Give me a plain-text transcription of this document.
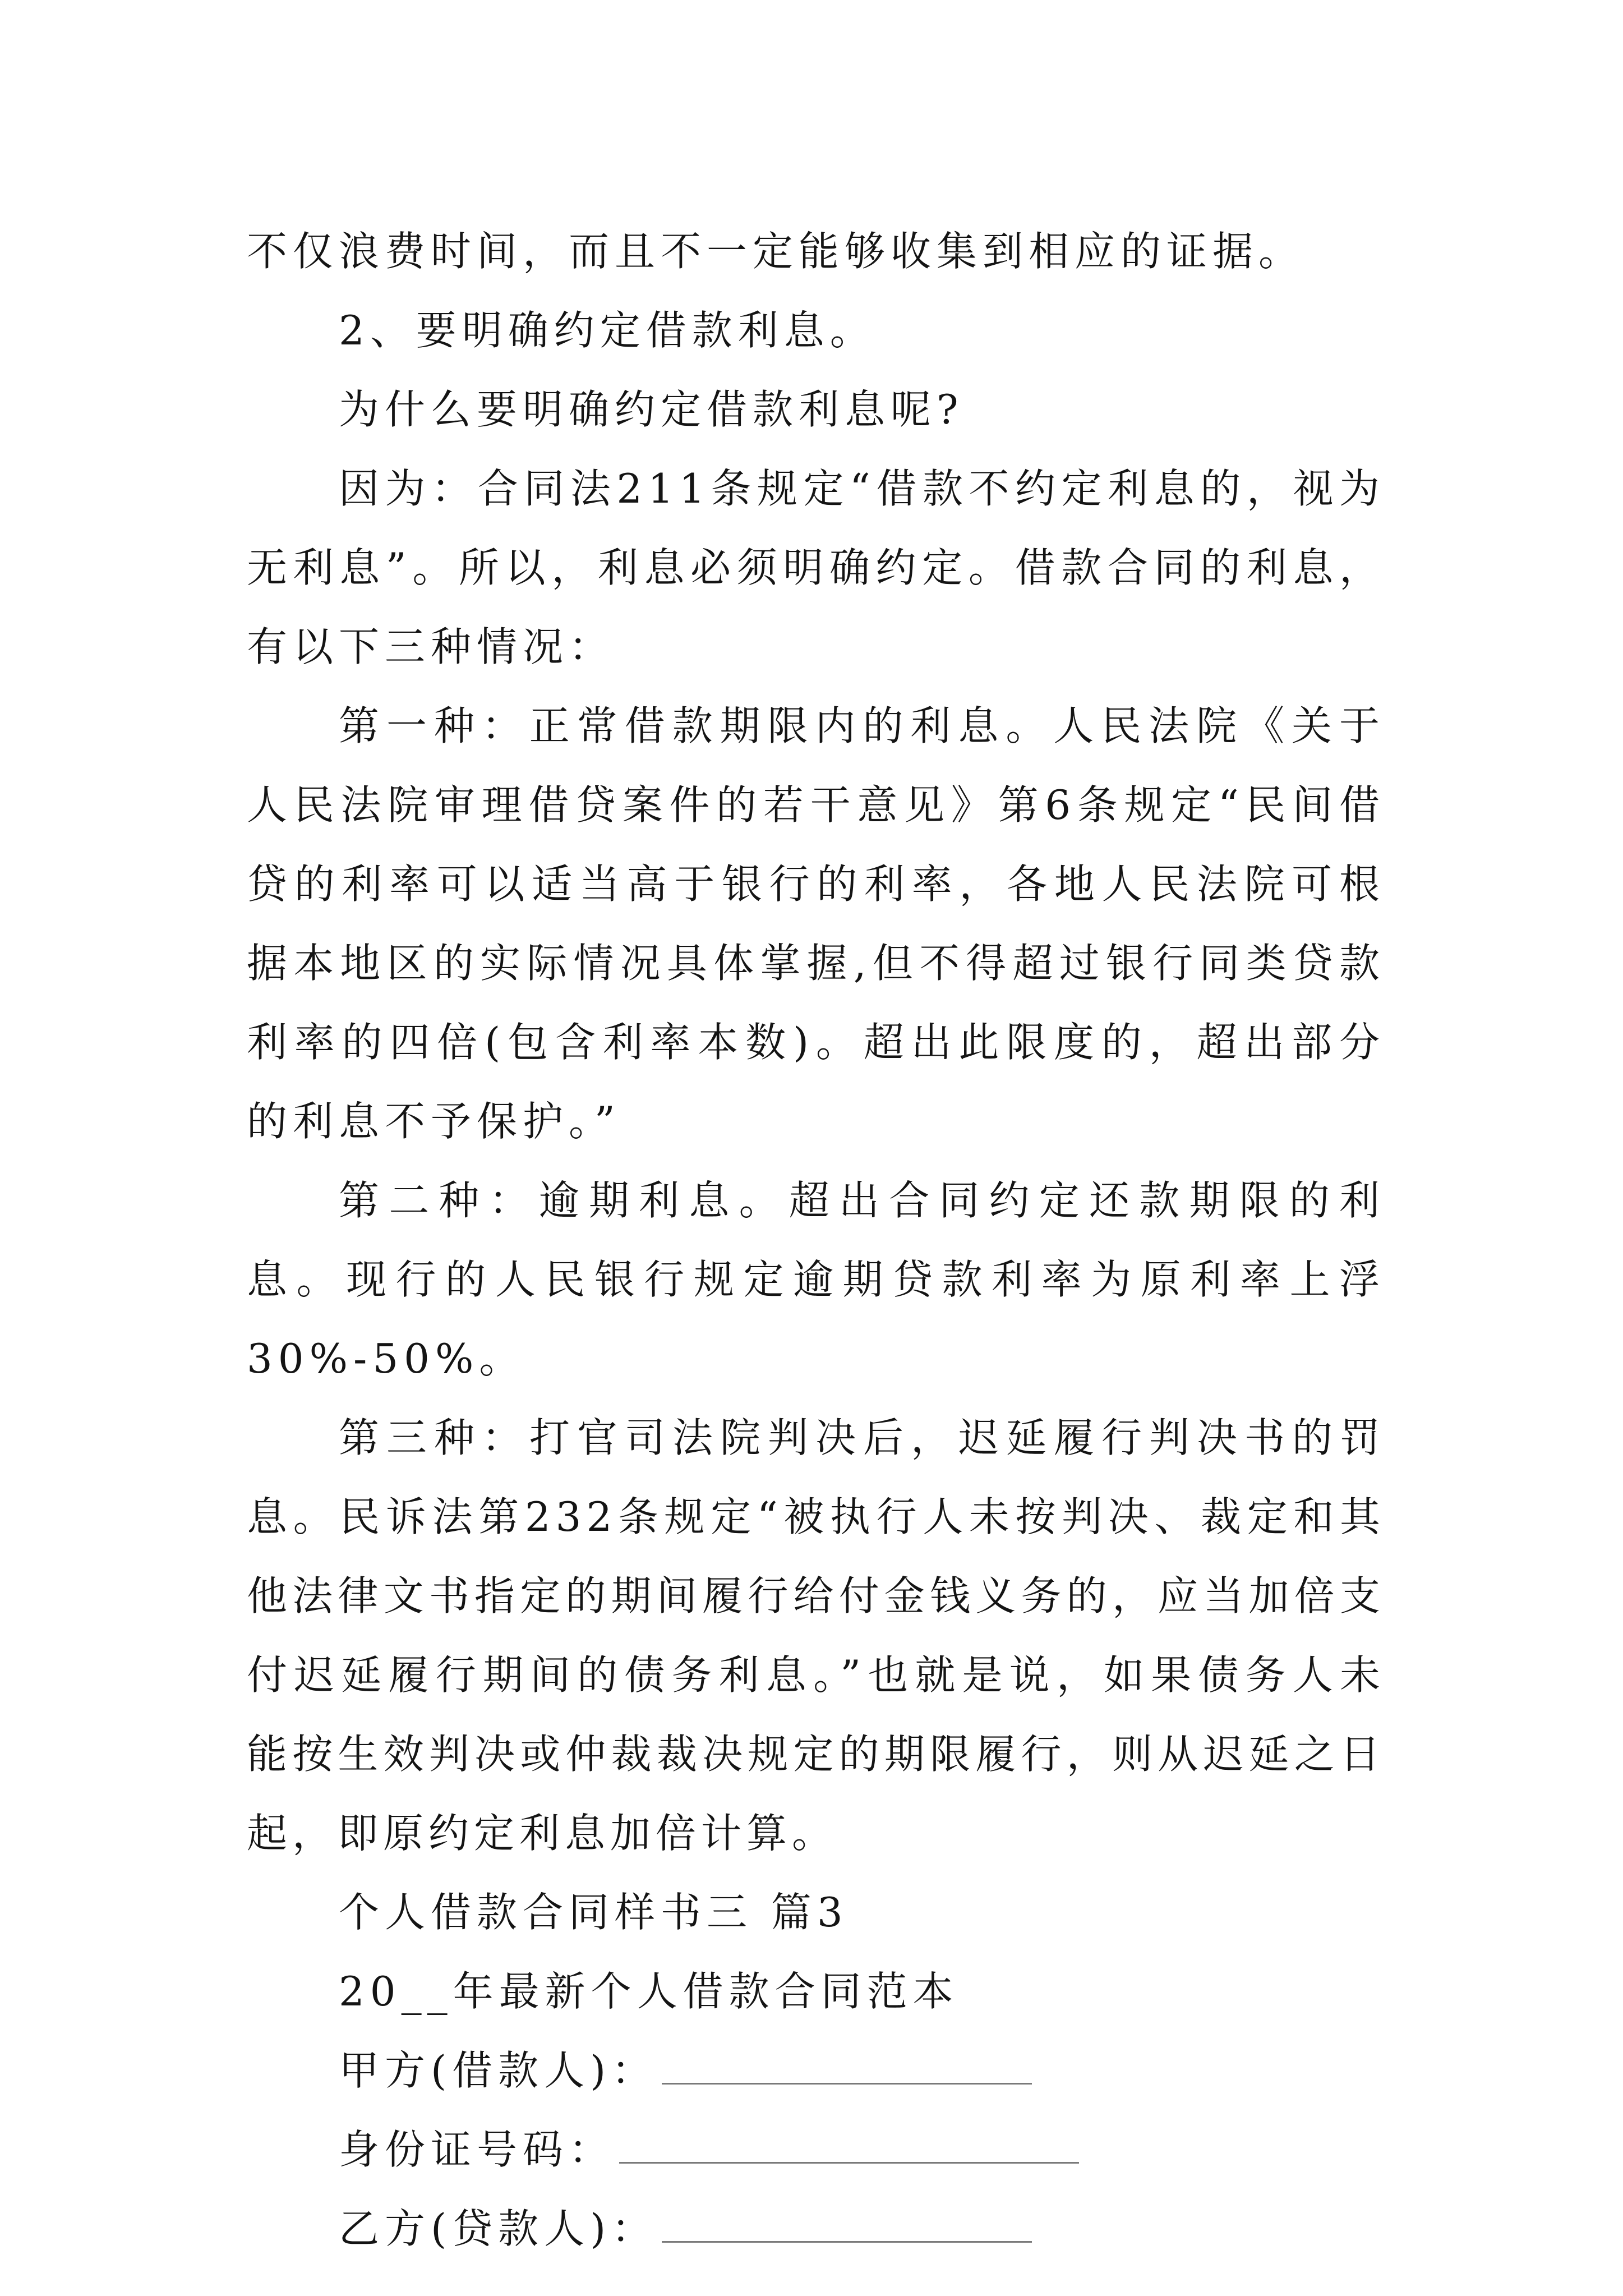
不仅浪费时间，而且不一定能够收集到相应的证据。

2、要明确约定借款利息。

为什么要明确约定借款利息呢?

因为：合同法211条规定“借款不约定利息的，视为无利息”。所以，利息必须明确约定。借款合同的利息，有以下三种情况：

第一种：正常借款期限内的利息。人民法院《关于人民法院审理借贷案件的若干意见》第6条规定“民间借贷的利率可以适当高于银行的利率，各地人民法院可根据本地区的实际情况具体掌握,但不得超过银行同类贷款利率的四倍(包含利率本数)。超出此限度的，超出部分的利息不予保护。”

第二种：逾期利息。超出合同约定还款期限的利息。现行的人民银行规定逾期贷款利率为原利率上浮30%-50%。

第三种：打官司法院判决后，迟延履行判决书的罚息。民诉法第232条规定“被执行人未按判决、裁定和其他法律文书指定的期间履行给付金钱义务的，应当加倍支付迟延履行期间的债务利息。”也就是说，如果债务人未能按生效判决或仲裁裁决规定的期限履行，则从迟延之日起，即原约定利息加倍计算。

个人借款合同样书三 篇3

20__年最新个人借款合同范本

甲方(借款人)：

身份证号码：

乙方(贷款人)：
